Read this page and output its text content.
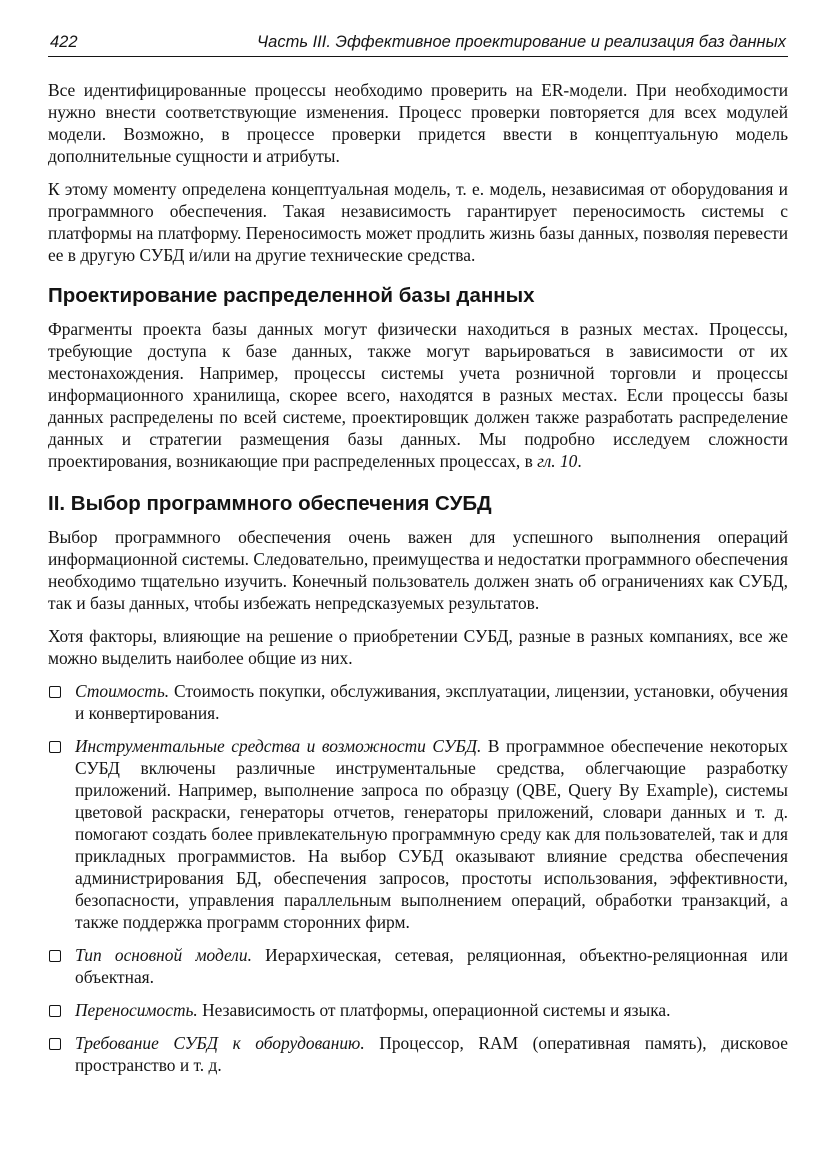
422	Часть III. Эффективное проектирование и реализация баз данных

Все идентифицированные процессы необходимо проверить на ER-модели. При необходимости нужно внести соответствующие изменения. Процесс проверки повторяется для всех модулей модели. Возможно, в процессе проверки придется ввести в концептуальную модель дополнительные сущности и атрибуты.

К этому моменту определена концептуальная модель, т. е. модель, независимая от оборудования и программного обеспечения. Такая независимость гарантирует переносимость системы с платформы на платформу. Переносимость может продлить жизнь базы данных, позволяя перевести ее в другую СУБД и/или на другие технические средства.

Проектирование распределенной базы данных

Фрагменты проекта базы данных могут физически находиться в разных местах. Процессы, требующие доступа к базе данных, также могут варьироваться в зависимости от их местонахождения. Например, процессы системы учета розничной торговли и процессы информационного хранилища, скорее всего, находятся в разных местах. Если процессы базы данных распределены по всей системе, проектировщик должен также разработать распределение данных и стратегии размещения базы данных. Мы подробно исследуем сложности проектирования, возникающие при распределенных процессах, в гл. 10.

II. Выбор программного обеспечения СУБД

Выбор программного обеспечения очень важен для успешного выполнения операций информационной системы. Следовательно, преимущества и недостатки программного обеспечения необходимо тщательно изучить. Конечный пользователь должен знать об ограничениях как СУБД, так и базы данных, чтобы избежать непредсказуемых результатов.

Хотя факторы, влияющие на решение о приобретении СУБД, разные в разных компаниях, все же можно выделить наиболее общие из них.

Стоимость. Стоимость покупки, обслуживания, эксплуатации, лицензии, установки, обучения и конвертирования.
Инструментальные средства и возможности СУБД. В программное обеспечение некоторых СУБД включены различные инструментальные средства, облегчающие разработку приложений. Например, выполнение запроса по образцу (QBE, Query By Example), системы цветовой раскраски, генераторы отчетов, генераторы приложений, словари данных и т. д. помогают создать более привлекательную программную среду как для пользователей, так и для прикладных программистов. На выбор СУБД оказывают влияние средства обеспечения администрирования БД, обеспечения запросов, простоты использования, эффективности, безопасности, управления параллельным выполнением операций, обработки транзакций, а также поддержка программ сторонних фирм.
Тип основной модели. Иерархическая, сетевая, реляционная, объектно-реляционная или объектная.
Переносимость. Независимость от платформы, операционной системы и языка.
Требование СУБД к оборудованию. Процессор, RAM (оперативная память), дисковое пространство и т. д.
